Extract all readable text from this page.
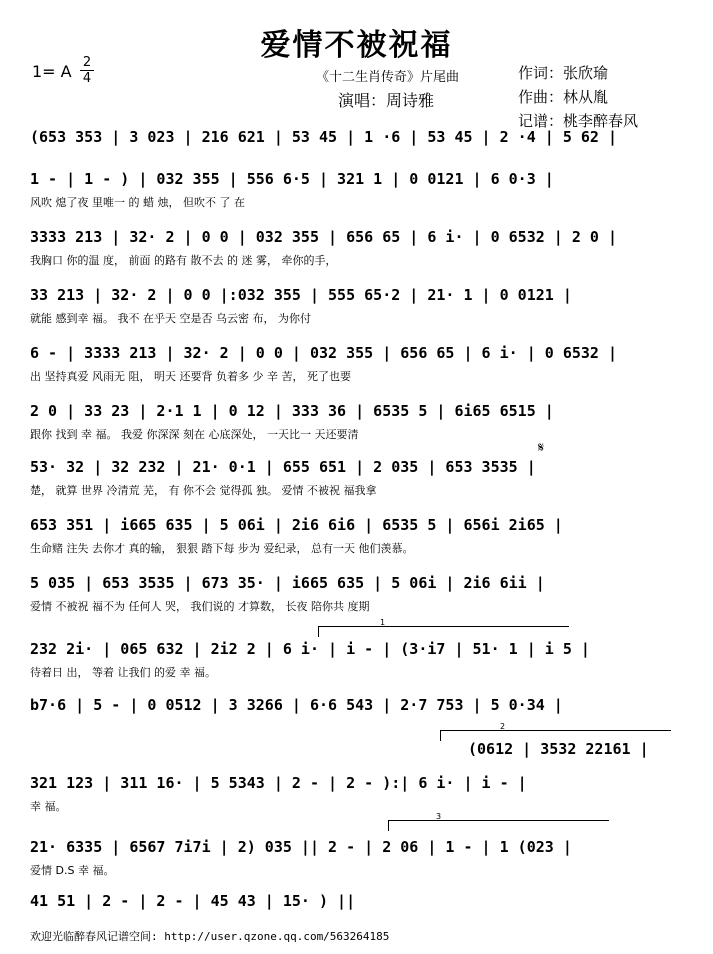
爱情不被祝福
1= A 2
4	《十二生肖传奇》片尾曲
演唱：周诗雅
作词：张欣瑜
作曲：林从胤
记谱：桃李醉春风
(653 353 | 3 023 | 216 621 | 53 45 | 1 ·6 | 53 45 | 2 ·4 | 5 62 |
1 - | 1 - ) | 032 355 | 556 6·5 | 321 1 | 0 0121 | 6 0·3 |
风吹 熄了夜 里唯一 的 蜡 烛， 但吹不 了 在
3333 213 | 32· 2 | 0 0 | 032 355 | 656 65 | 6 i· | 0 6532 | 2 0 |
我胸口 你的温 度， 前面 的路有 散不去 的 迷 雾， 牵你的手，
33 213 | 32· 2 | 0 0 |:032 355 | 555 65·2 | 21· 1 | 0 0121 |
就能 感到幸 福。 我不 在乎天 空是否 乌云密 布， 为你付
6 - | 3333 213 | 32· 2 | 0 0 | 032 355 | 656 65 | 6 i· | 0 6532 |
出 坚持真爱 风雨无 阻， 明天 还要背 负着多 少 辛 苦， 死了也要
2 0 | 33 23 | 2·1 1 | 0 12 | 333 36 | 6535 5 | 6i65 6515 |
跟你 找到 幸 福。 我爱 你深深 刻在 心底深处， 一天比一 天还要清
𝄋
53· 32 | 32 232 | 21· 0·1 | 655 651 | 2 035 | 653 3535 |
楚， 就算 世界 冷清荒 芜， 有 你不会 觉得孤 独。 爱情 不被祝 福我拿
653 351 | i665 635 | 5 06i | 2i6 6i6 | 6535 5 | 656i 2i65 |
生命赌 注失 去你才 真的输， 狠狠 踏下每 步为 爱纪录， 总有一天 他们羡慕。
5 035 | 653 3535 | 673 35· | i665 635 | 5 06i | 2i6 6ii |
爱情 不被祝 福不为 任何人 哭， 我们说的 才算数， 长夜 陪你共 度期
1
232 2i· | 065 632 | 2i2 2 | 6 i· | i - | (3·i7 | 51· 1 | i 5 |
待着日 出， 等着 让我们 的爱 幸 福。
b7·6 | 5 - | 0 0512 | 3 3266 | 6·6 543 | 2·7 753 | 5 0·34 |
2
(0612 | 3532 22161 |
321 123 | 311 16· | 5 5343 | 2 - | 2 - ):| 6 i· | i - |
幸 福。
3
21· 6335 | 6567 7i7i | 2) 035 || 2 - | 2 06 | 1 - | 1 (023 |
爱情 D.S 幸 福。
41 51 | 2 - | 2 - | 45 43 | 15· ) ||
欢迎光临醉春风记谱空间: http://user.qzone.qq.com/563264185
